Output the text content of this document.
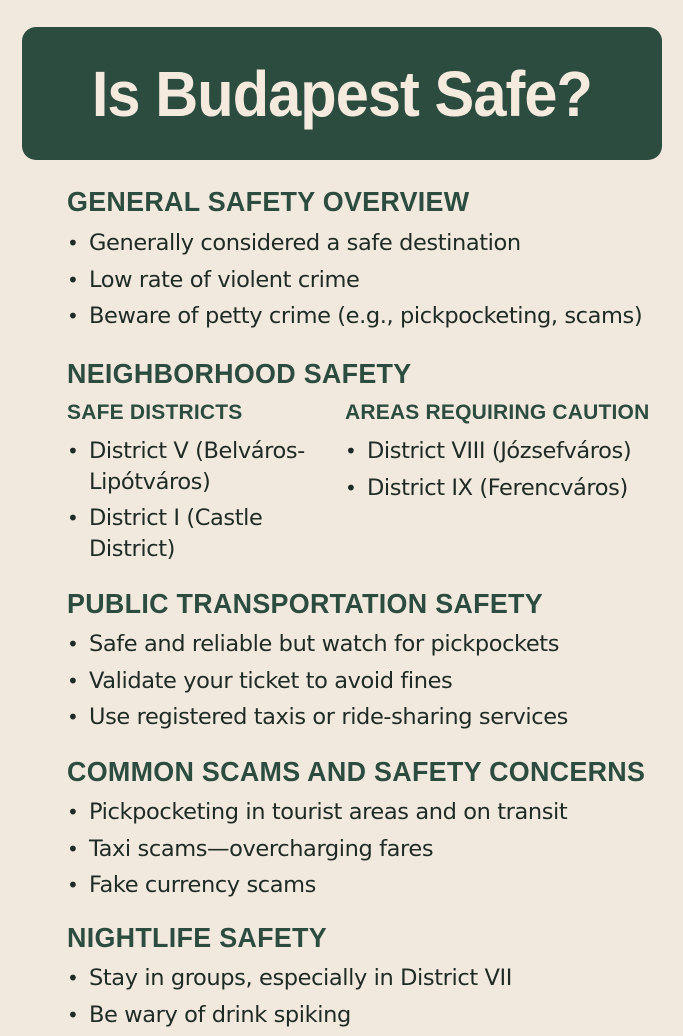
Is Budapest Safe?
GENERAL SAFETY OVERVIEW
• Generally considered a safe destination
• Low rate of violent crime
• Beware of petty crime (e.g., pickpocketing, scams)
NEIGHBORHOOD SAFETY
SAFE DISTRICTS
• District V (Belváros-Lipótváros)
• District I (Castle District)
AREAS REQUIRING CAUTION
• District VIII (Józsefváros)
• District IX (Ferencváros)
PUBLIC TRANSPORTATION SAFETY
• Safe and reliable but watch for pickpockets
• Validate your ticket to avoid fines
• Use registered taxis or ride-sharing services
COMMON SCAMS AND SAFETY CONCERNS
• Pickpocketing in tourist areas and on transit
• Taxi scams—overcharging fares
• Fake currency scams
NIGHTLIFE SAFETY
• Stay in groups, especially in District VII
• Be wary of drink spiking
